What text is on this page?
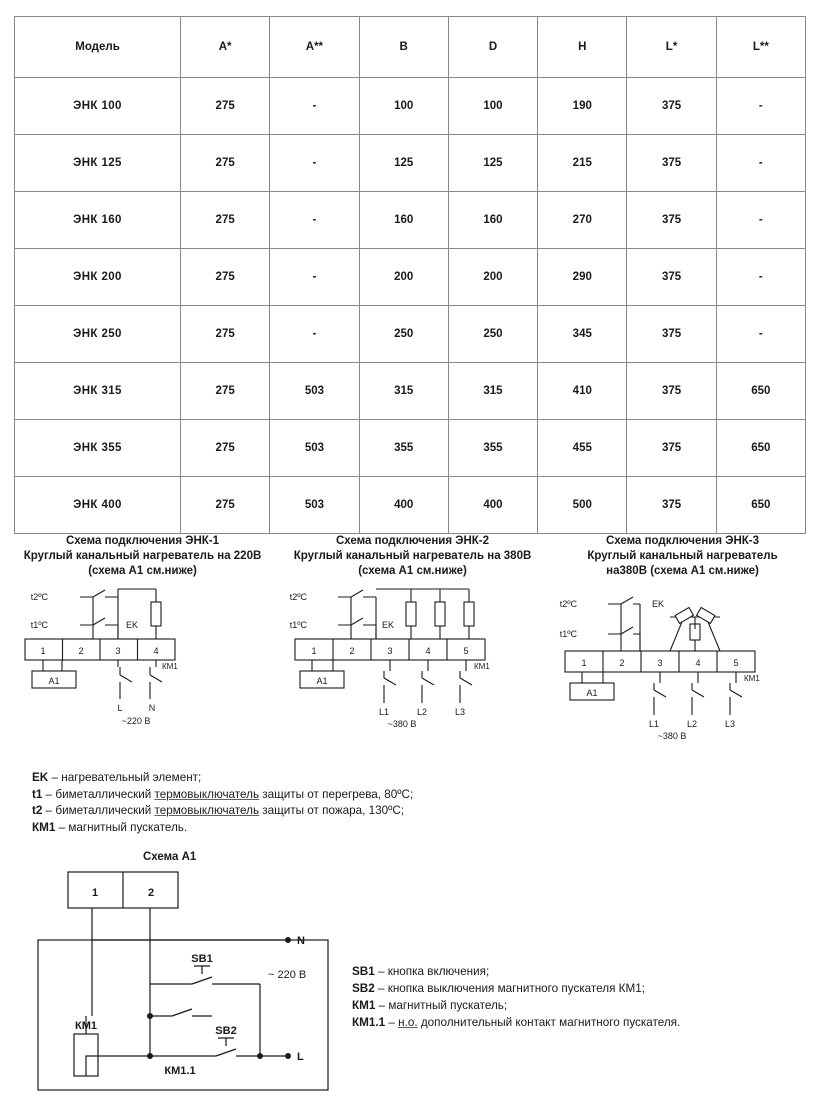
Модель	A*	A**	B	D	H	L*	L**
ЭНК 100	275	-	100	100	190	375	-
ЭНК 125	275	-	125	125	215	375	-
ЭНК 160	275	-	160	160	270	375	-
ЭНК 200	275	-	200	200	290	375	-
ЭНК 250	275	-	250	250	345	375	-
ЭНК 315	275	503	315	315	410	375	650
ЭНК 355	275	503	355	355	455	375	650
ЭНК 400	275	503	400	400	500	375	650
Схема подключения ЭНК-1
Круглый канальный нагреватель на 220В
(схема А1 см.ниже)
t2ºC
t1ºC	EK
1	2	3	4
А1
КМ1
L	N
~220 В
Схема подключения ЭНК-2
Круглый канальный нагреватель на 380В
(схема А1 см.ниже)
t2ºC
t1ºC	EK
1	2	3	4	5
А1
КМ1
L1	L2	L3
~380 В
Схема подключения ЭНК-3
Круглый канальный нагреватель
на380В (схема А1 см.ниже)
t2ºC
t1ºC
EK
1	2	3	4	5
А1
КМ1
L1	L2	L3
~380 В
EK – нагревательный элемент;
t1 – биметаллический термовыключатель защиты от перегрева, 80ºС;
t2 – биметаллический термовыключатель защиты от пожара, 130ºС;
КМ1 – магнитный пускатель.
Схема А1
1	2
N
L
SB1
SB2
КМ1
КМ1.1
~ 220 В	SB1 – кнопка включения;
SB2 – кнопка выключения магнитного пускателя КМ1;
КМ1 – магнитный пускатель;
КМ1.1 – н.о. дополнительный контакт магнитного пускателя.
